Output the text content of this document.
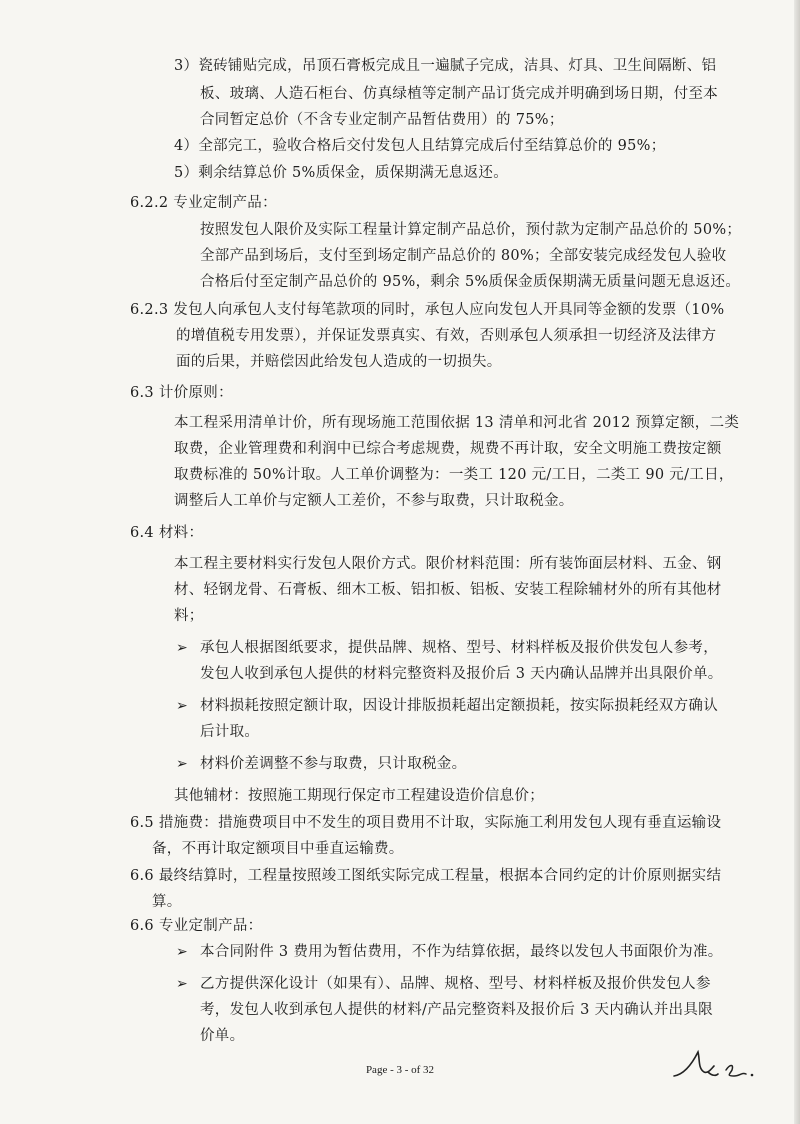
3）瓷砖铺贴完成，吊顶石膏板完成且一遍腻子完成，洁具、灯具、卫生间隔断、铝
板、玻璃、人造石柜台、仿真绿植等定制产品订货完成并明确到场日期，付至本
合同暂定总价（不含专业定制产品暂估费用）的 75%；
4）全部完工，验收合格后交付发包人且结算完成后付至结算总价的 95%；
5）剩余结算总价 5%质保金，质保期满无息返还。
6.2.2 专业定制产品：
按照发包人限价及实际工程量计算定制产品总价，预付款为定制产品总价的 50%；
全部产品到场后，支付至到场定制产品总价的 80%；全部安装完成经发包人验收
合格后付至定制产品总价的 95%，剩余 5%质保金质保期满无质量问题无息返还。
6.2.3 发包人向承包人支付每笔款项的同时，承包人应向发包人开具同等金额的发票（10%
的增值税专用发票），并保证发票真实、有效，否则承包人须承担一切经济及法律方
面的后果，并赔偿因此给发包人造成的一切损失。
6.3 计价原则：
本工程采用清单计价，所有现场施工范围依据 13 清单和河北省 2012 预算定额，二类
取费，企业管理费和利润中已综合考虑规费，规费不再计取，安全文明施工费按定额
取费标准的 50%计取。人工单价调整为：一类工 120 元/工日，二类工 90 元/工日，
调整后人工单价与定额人工差价，不参与取费，只计取税金。
6.4 材料：
本工程主要材料实行发包人限价方式。限价材料范围：所有装饰面层材料、五金、钢
材、轻钢龙骨、石膏板、细木工板、铝扣板、铝板、安装工程除辅材外的所有其他材
料；
➢ 承包人根据图纸要求，提供品牌、规格、型号、材料样板及报价供发包人参考，
发包人收到承包人提供的材料完整资料及报价后 3 天内确认品牌并出具限价单。
➢ 材料损耗按照定额计取，因设计排版损耗超出定额损耗，按实际损耗经双方确认
后计取。
➢ 材料价差调整不参与取费，只计取税金。
其他辅材：按照施工期现行保定市工程建设造价信息价；
6.5 措施费：措施费项目中不发生的项目费用不计取，实际施工利用发包人现有垂直运输设
备，不再计取定额项目中垂直运输费。
6.6 最终结算时，工程量按照竣工图纸实际完成工程量，根据本合同约定的计价原则据实结
算。
6.6 专业定制产品：
➢ 本合同附件 3 费用为暂估费用，不作为结算依据，最终以发包人书面限价为准。
➢ 乙方提供深化设计（如果有）、品牌、规格、型号、材料样板及报价供发包人参
考，发包人收到承包人提供的材料/产品完整资料及报价后 3 天内确认并出具限
价单。
Page - 3 - of 32
